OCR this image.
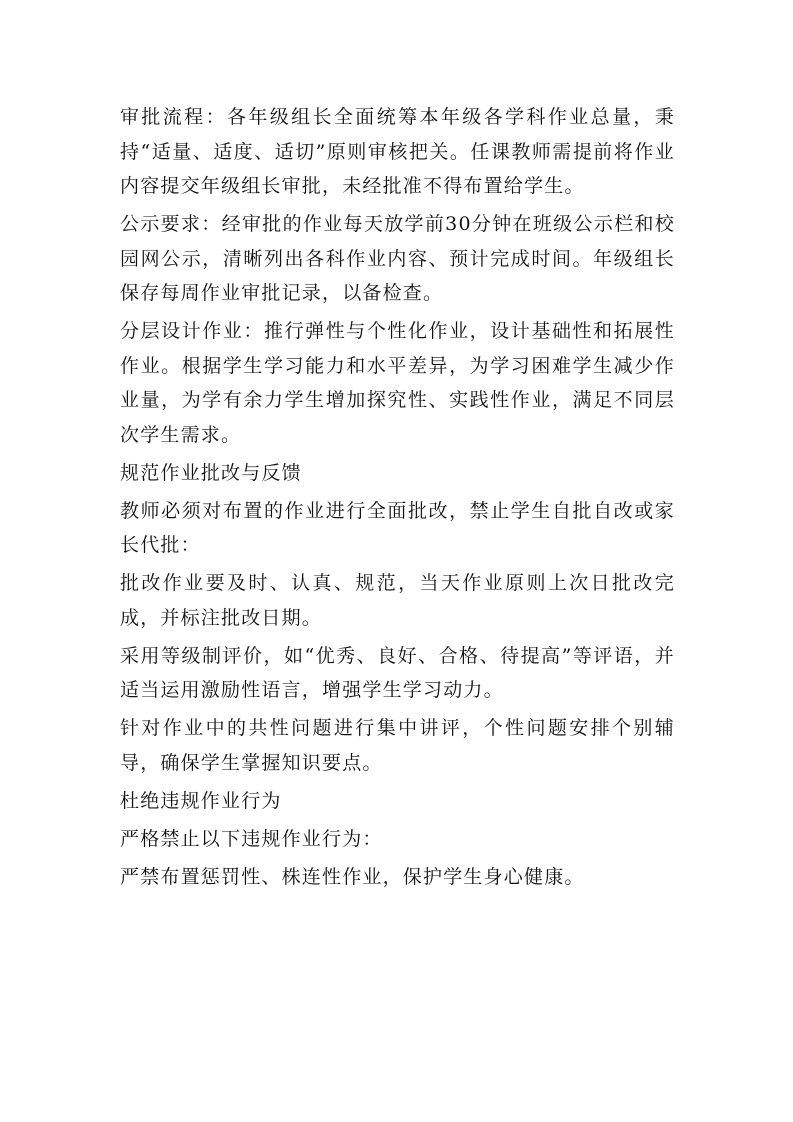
审批流程：各年级组长全面统筹本年级各学科作业总量，秉持“适量、适度、适切”原则审核把关。任课教师需提前将作业内容提交年级组长审批，未经批准不得布置给学生。

公示要求：经审批的作业每天放学前30分钟在班级公示栏和校园网公示，清晰列出各科作业内容、预计完成时间。年级组长保存每周作业审批记录，以备检查。

分层设计作业：推行弹性与个性化作业，设计基础性和拓展性作业。根据学生学习能力和水平差异，为学习困难学生减少作业量，为学有余力学生增加探究性、实践性作业，满足不同层次学生需求。

规范作业批改与反馈

教师必须对布置的作业进行全面批改，禁止学生自批自改或家长代批：

批改作业要及时、认真、规范，当天作业原则上次日批改完成，并标注批改日期。

采用等级制评价，如“优秀、良好、合格、待提高”等评语，并适当运用激励性语言，增强学生学习动力。

针对作业中的共性问题进行集中讲评，个性问题安排个别辅导，确保学生掌握知识要点。

杜绝违规作业行为

严格禁止以下违规作业行为：

严禁布置惩罚性、株连性作业，保护学生身心健康。
